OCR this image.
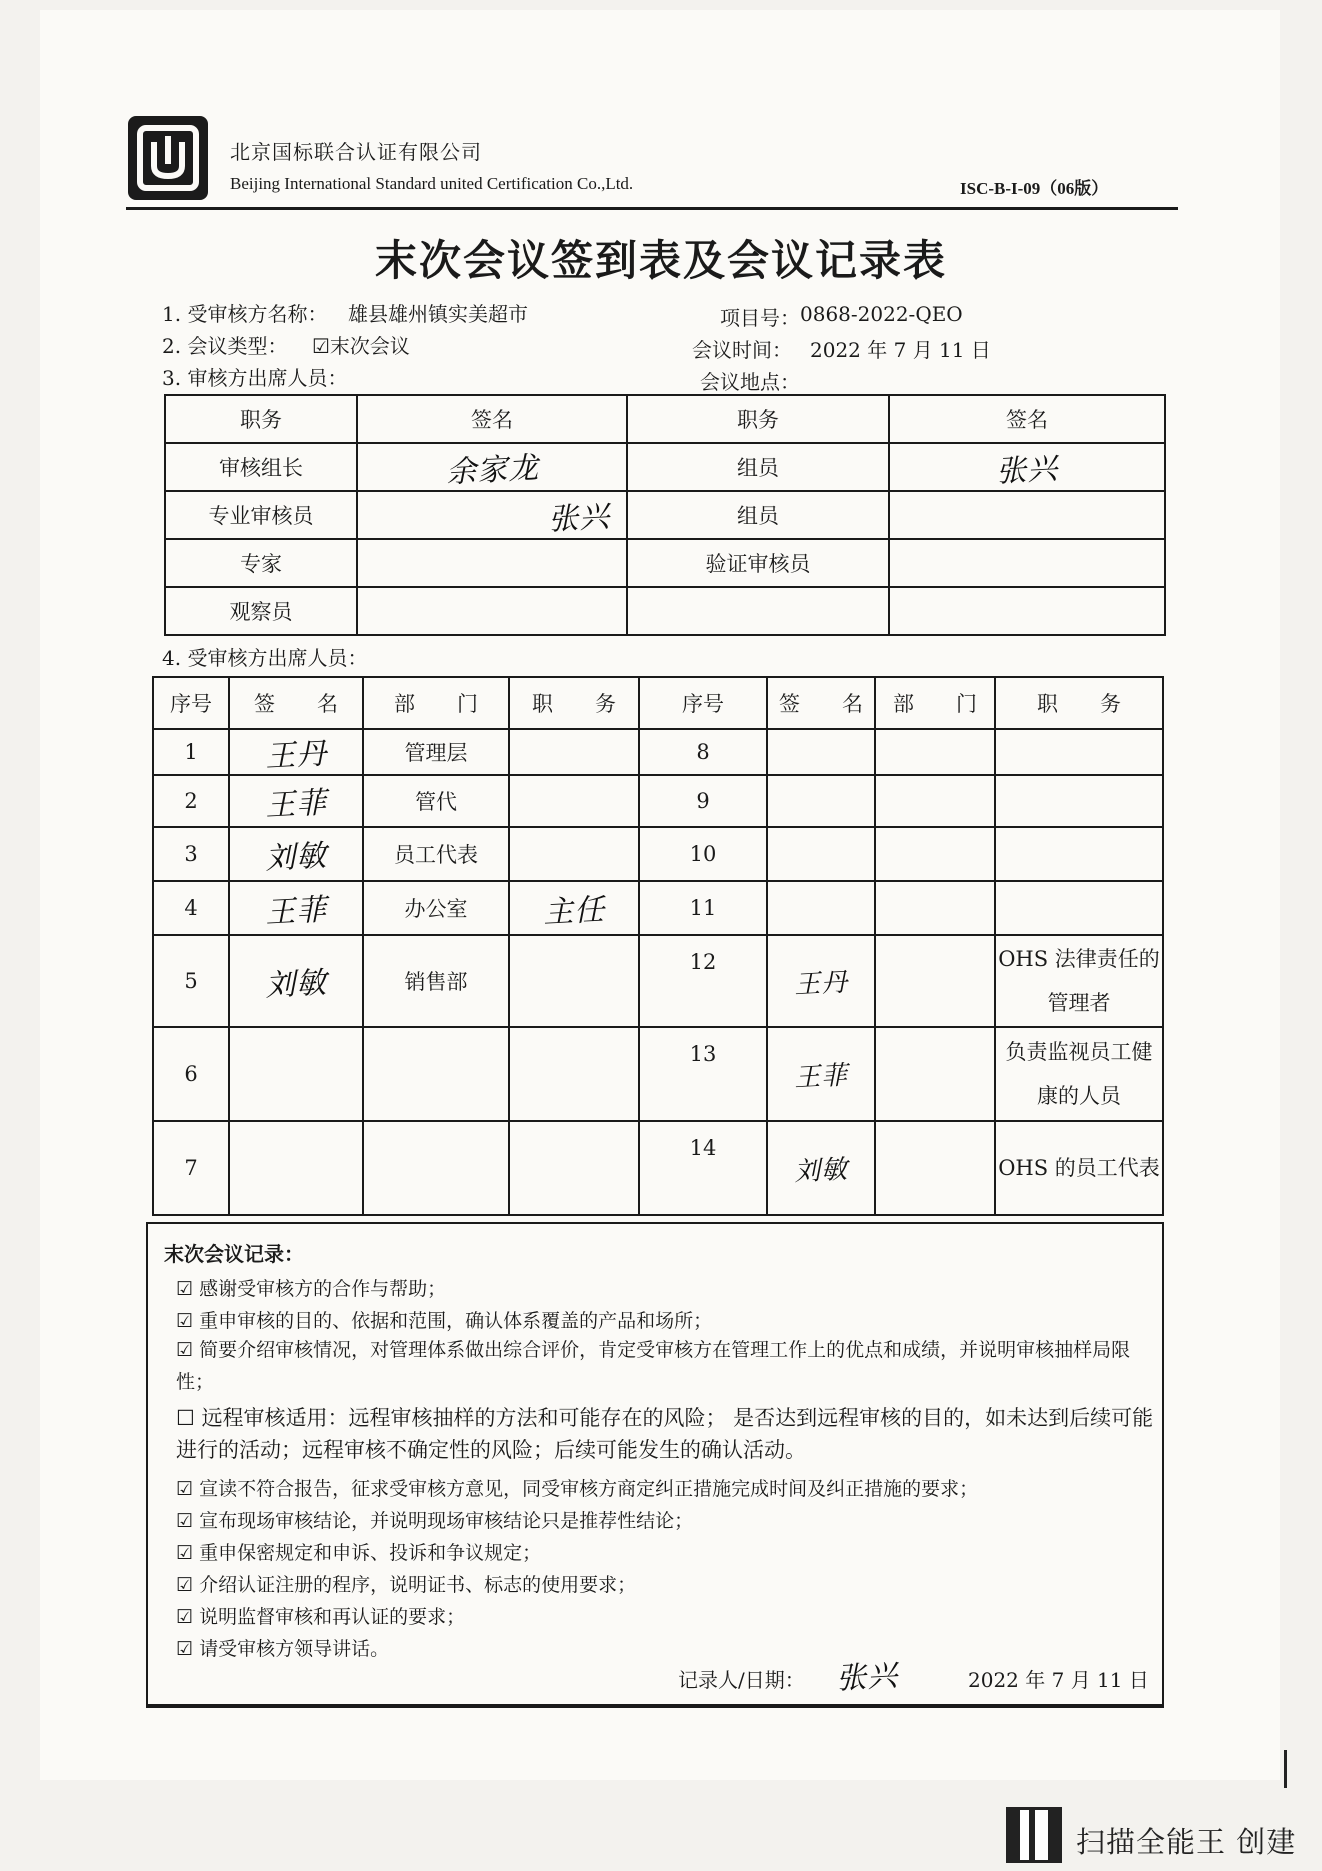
北京国标联合认证有限公司
Beijing International Standard united Certification Co.,Ltd.	ISC-B-I-09（06版）
末次会议签到表及会议记录表
1. 受审核方名称： 雄县雄州镇实美超市	项目号： 0868-2022-QEO
2. 会议类型： ☑末次会议	会议时间： 2022 年 7 月 11 日
3. 审核方出席人员：	会议地点：
职务	签名	职务	签名
审核组长	余家龙	组员	张兴
专业审核员	张兴	组员	
专家		验证审核员	
观察员			
4. 受审核方出席人员：
序号	签　　名	部　　门	职　　务	序号	签　　名	部　　门	职　　务
1	王丹	管理层		8			
2	王菲	管代		9			
3	刘敏	员工代表		10			
4	王菲	办公室	主任	11			
5	刘敏	销售部		12	王丹		OHS 法律责任的管理者
6				13	王菲		负责监视员工健康的人员
7				14	刘敏		OHS 的员工代表
末次会议记录：
☑ 感谢受审核方的合作与帮助；
☑ 重申审核的目的、依据和范围，确认体系覆盖的产品和场所；
☑ 简要介绍审核情况，对管理体系做出综合评价，肯定受审核方在管理工作上的优点和成绩，并说明审核抽样局限性；
☐ 远程审核适用：远程审核抽样的方法和可能存在的风险； 是否达到远程审核的目的，如未达到后续可能进行的活动；远程审核不确定性的风险；后续可能发生的确认活动。
☑ 宣读不符合报告，征求受审核方意见，同受审核方商定纠正措施完成时间及纠正措施的要求；
☑ 宣布现场审核结论，并说明现场审核结论只是推荐性结论；
☑ 重申保密规定和申诉、投诉和争议规定；
☑ 介绍认证注册的程序，说明证书、标志的使用要求；
☑ 说明监督审核和再认证的要求；
☑ 请受审核方领导讲话。
记录人/日期： 张兴	2022 年 7 月 11 日
扫描全能王 创建
